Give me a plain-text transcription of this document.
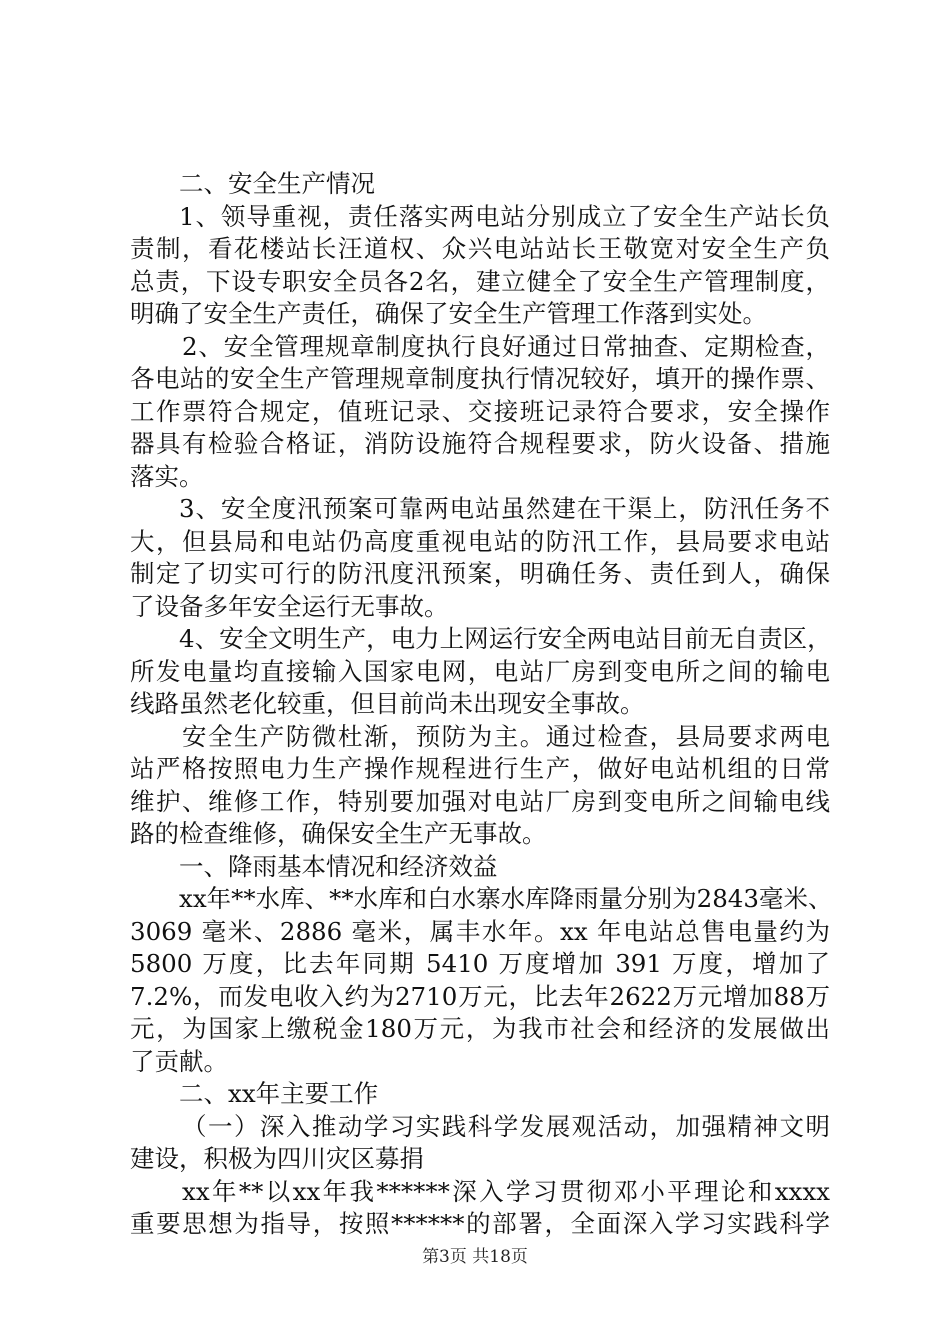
二、安全生产情况
1、领导重视，责任落实两电站分别成立了安全生产站长负
责制，看花楼站长汪道权、众兴电站站长王敬宽对安全生产负
总责，下设专职安全员各2名，建立健全了安全生产管理制度，
明确了安全生产责任，确保了安全生产管理工作落到实处。
2、安全管理规章制度执行良好通过日常抽查、定期检查，
各电站的安全生产管理规章制度执行情况较好，填开的操作票、
工作票符合规定，值班记录、交接班记录符合要求，安全操作
器具有检验合格证，消防设施符合规程要求，防火设备、措施
落实。
3、安全度汛预案可靠两电站虽然建在干渠上，防汛任务不
大，但县局和电站仍高度重视电站的防汛工作，县局要求电站
制定了切实可行的防汛度汛预案，明确任务、责任到人，确保
了设备多年安全运行无事故。
4、安全文明生产，电力上网运行安全两电站目前无自责区，
所发电量均直接输入国家电网，电站厂房到变电所之间的输电
线路虽然老化较重，但目前尚未出现安全事故。
安全生产防微杜渐，预防为主。通过检查，县局要求两电
站严格按照电力生产操作规程进行生产，做好电站机组的日常
维护、维修工作，特别要加强对电站厂房到变电所之间输电线
路的检查维修，确保安全生产无事故。
一、降雨基本情况和经济效益
xx年**水库、**水库和白水寨水库降雨量分别为2843毫米、
3069 毫米、2886 毫米，属丰水年。xx 年电站总售电量约为
5800 万度，比去年同期 5410 万度增加 391 万度，增加了
7.2%，而发电收入约为2710万元，比去年2622万元增加88万
元，为国家上缴税金180万元，为我市社会和经济的发展做出
了贡献。
二、xx年主要工作
（一）深入推动学习实践科学发展观活动，加强精神文明
建设，积极为四川灾区募捐
xx年**以xx年我******深入学习贯彻邓小平理论和xxxx
重要思想为指导，按照******的部署，全面深入学习实践科学
第3页 共18页
